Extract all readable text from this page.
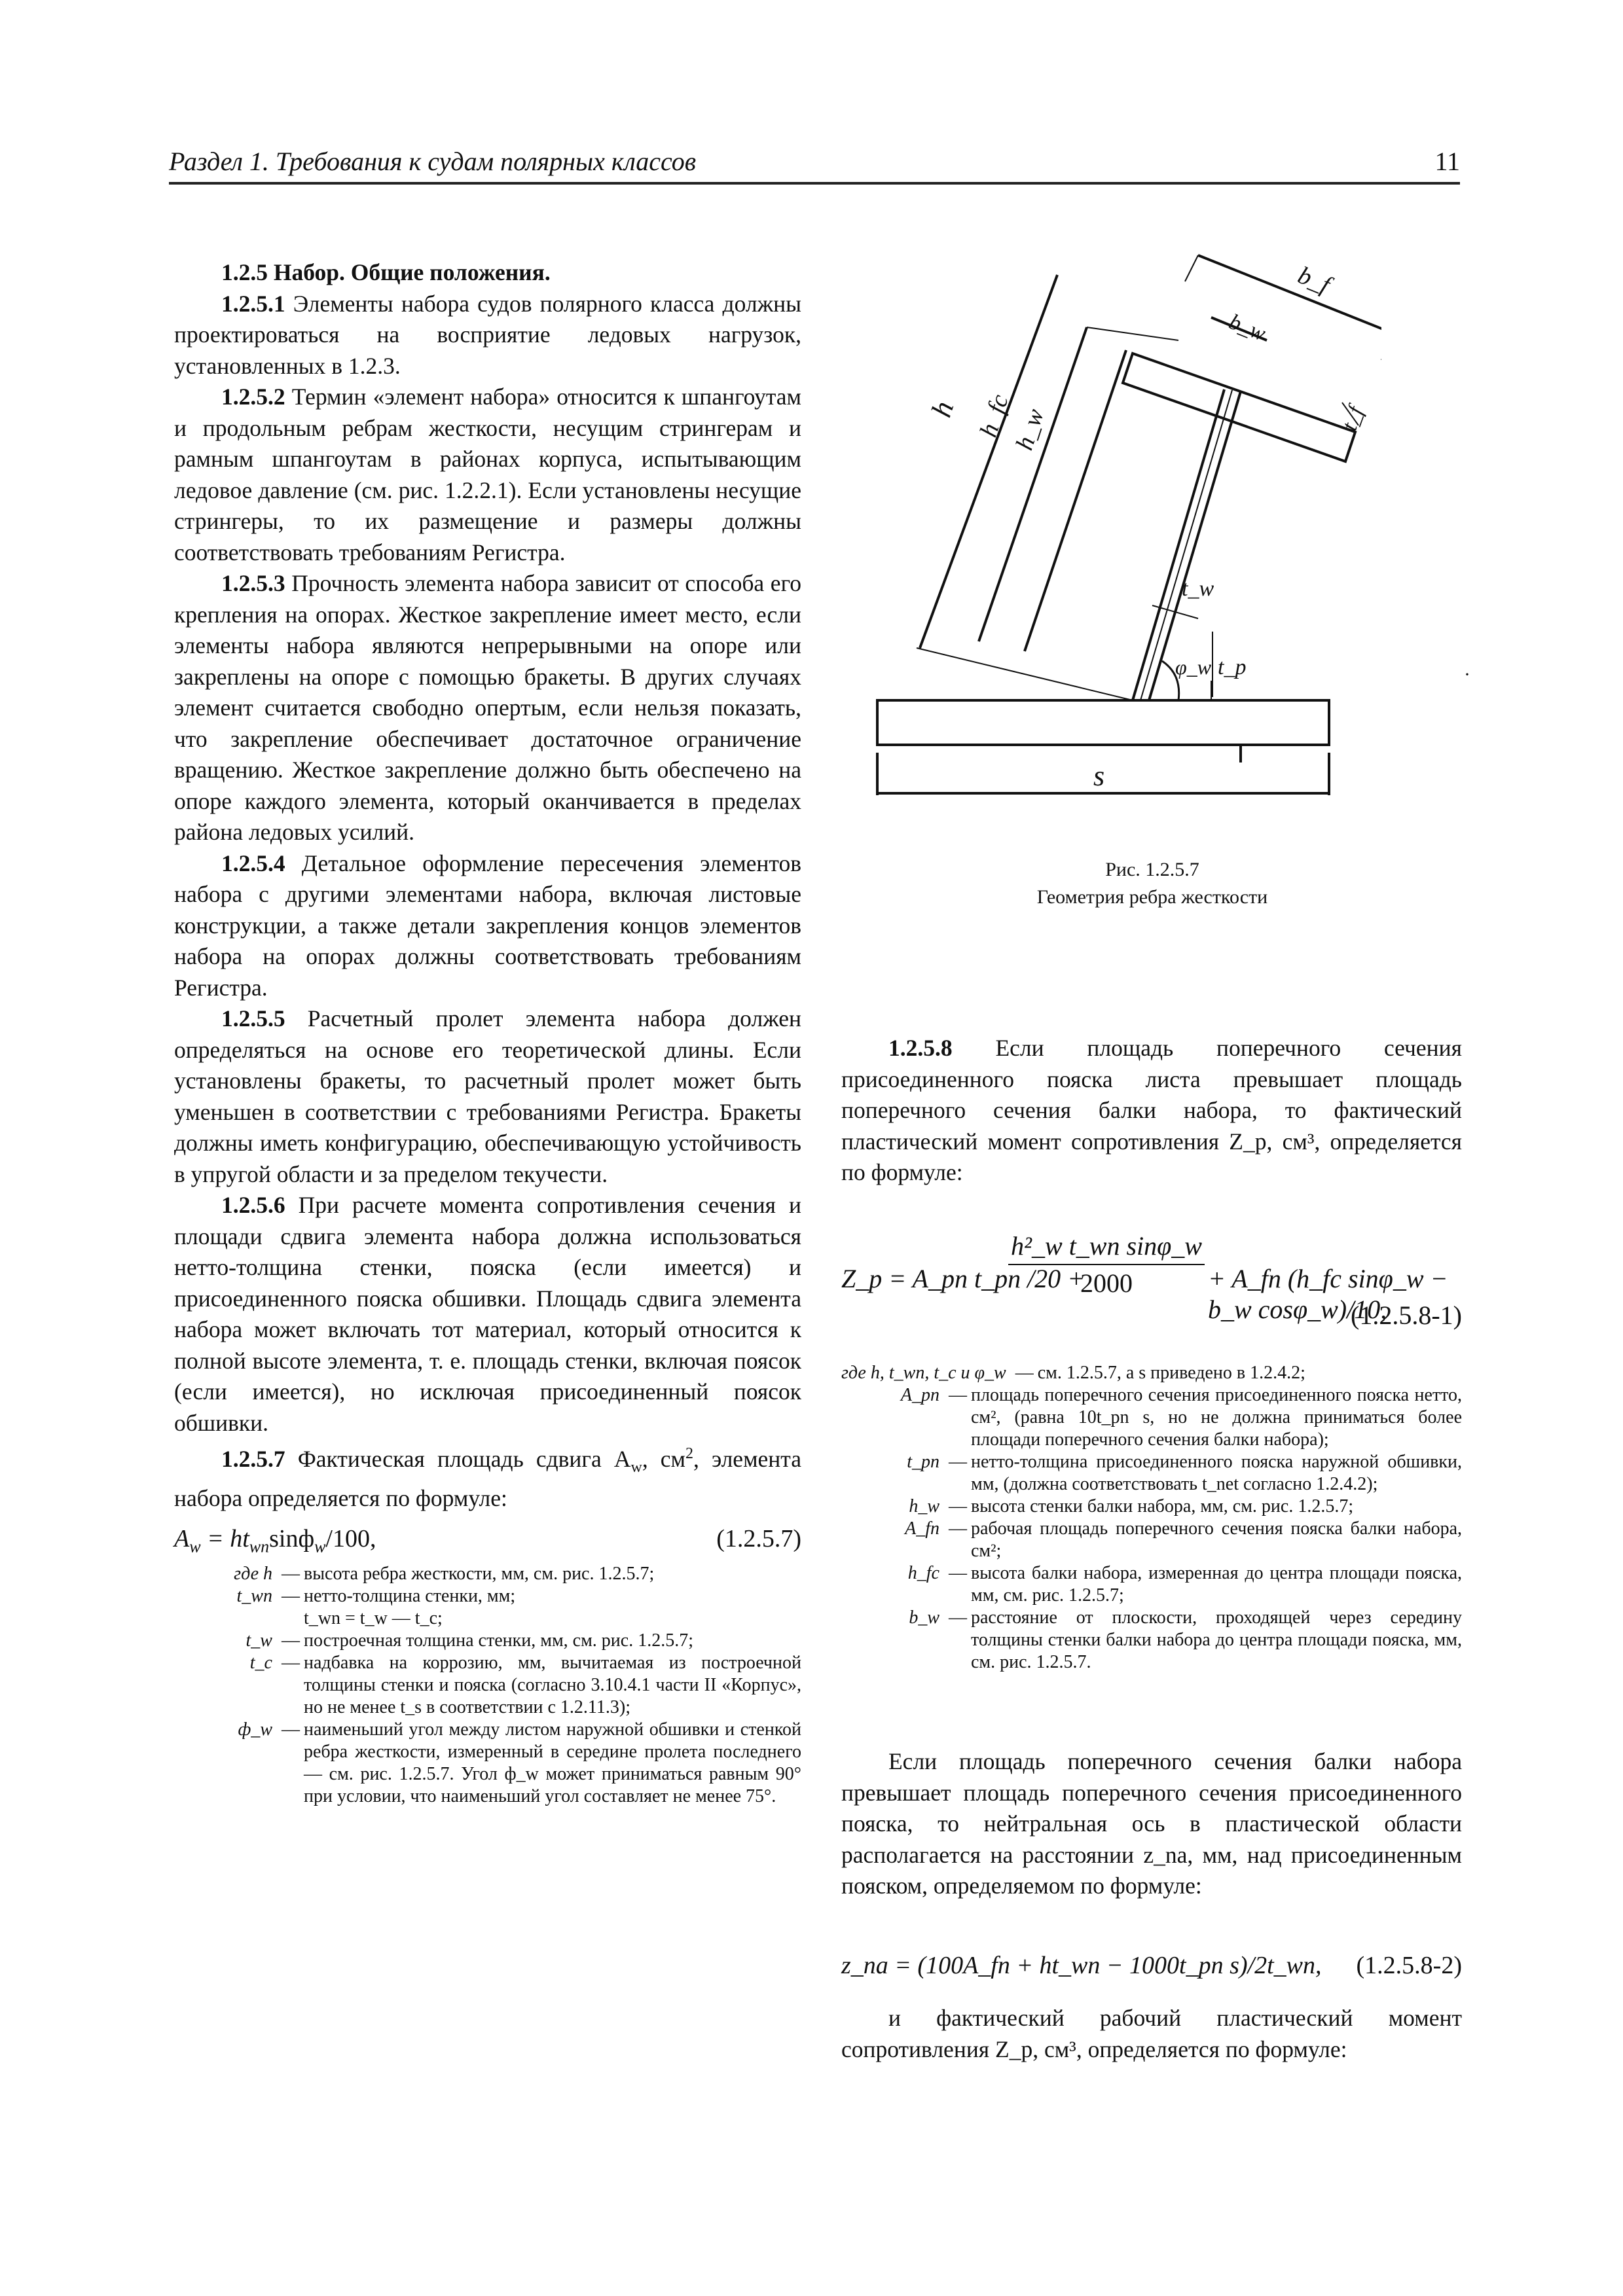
Раздел 1. Требования к судам полярных классов	11

1.2.5 Набор. Общие положения.

1.2.5.1 Элементы набора судов полярного класса должны проектироваться на восприятие ледовых нагрузок, установленных в 1.2.3.

1.2.5.2 Термин «элемент набора» относится к шпангоутам и продольным ребрам жесткости, несущим стрингерам и рамным шпангоутам в районах корпуса, испытывающим ледовое давление (см. рис. 1.2.2.1). Если установлены несущие стрингеры, то их размещение и размеры должны соответствовать требованиям Регистра.

1.2.5.3 Прочность элемента набора зависит от способа его крепления на опорах. Жесткое закрепление имеет место, если элементы набора являются непрерывными на опоре или закреплены на опоре с помощью бракеты. В других случаях элемент считается свободно опертым, если нельзя показать, что закрепление обеспечивает достаточное ограничение вращению. Жесткое закрепление должно быть обеспечено на опоре каждого элемента, который оканчивается в пределах района ледовых усилий.

1.2.5.4 Детальное оформление пересечения элементов набора с другими элементами набора, включая листовые конструкции, а также детали закрепления концов элементов набора на опорах должны соответствовать требованиям Регистра.

1.2.5.5 Расчетный пролет элемента набора должен определяться на основе его теоретической длины. Если установлены бракеты, то расчетный пролет может быть уменьшен в соответствии с требованиями Регистра. Бракеты должны иметь конфигурацию, обеспечивающую устойчивость в упругой области и за пределом текучести.

1.2.5.6 При расчете момента сопротивления сечения и площади сдвига элемента набора должна использоваться нетто-толщина стенки, пояска (если имеется) и присоединенного пояска обшивки. Площадь сдвига элемента набора может включать тот материал, который относится к полной высоте элемента, т. е. площадь стенки, включая поясок (если имеется), но исключая присоединенный поясок обшивки.

1.2.5.7 Фактическая площадь сдвига $A_w$, $см^2$, элемента набора определяется по формуле:

$A_w = ht_{wn}\sin ф_w/100$,	(1.2.5.7)
где h — высота ребра жесткости, мм, см. рис. 1.2.5.7;
t_wn — нетто-толщина стенки, мм;
t_wn = t_w — t_c;
t_w — построечная толщина стенки, мм, см. рис. 1.2.5.7;
t_c — надбавка на коррозию, мм, вычитаемая из построечной толщины стенки и пояска (согласно 3.10.4.1 части II «Корпус», но не менее t_s в соответствии с 1.2.11.3);
ф_w — наименьший угол между листом наружной обшивки и стенкой ребра жесткости, измеренный в середине пролета последнего — см. рис. 1.2.5.7. Угол ф_w может приниматься равным 90° при условии, что наименьший угол составляет не менее 75°.
h h_fc
h_w
b_f
b_w
t_f
t_w
φ_w t_p
s
·
Рис. 1.2.5.7
Геометрия ребра жесткости

1.2.5.8 Если площадь поперечного сечения присоединенного пояска листа превышает площадь поперечного сечения балки набора, то фактический пластический момент сопротивления Z_p, см³, определяется по формуле:

Z_p = A_pn t_pn /20 +
$\frac{\text{h²\_w t\_wn sinφ\_w}}{2000}$ + A_fn (h_fc sinφ_w − b_w cosφ_w)/10,
(1.2.5.8-1)
где h, t_wn, t_c и φ_w — см. 1.2.5.7, а s приведено в 1.2.4.2;
A_pn — площадь поперечного сечения присоединенного пояска нетто, см², (равна 10t_pn s, но не должна приниматься более площади поперечного сечения балки набора);
t_pn — нетто-толщина присоединенного пояска наружной обшивки, мм, (должна соответствовать t_net согласно 1.2.4.2);
h_w — высота стенки балки набора, мм, см. рис. 1.2.5.7;
A_fn — рабочая площадь поперечного сечения пояска балки набора, см²;
h_fc — высота балки набора, измеренная до центра площади пояска, мм, см. рис. 1.2.5.7;
b_w — расстояние от плоскости, проходящей через середину толщины стенки балки набора до центра площади пояска, мм, см. рис. 1.2.5.7.

Если площадь поперечного сечения балки набора превышает площадь поперечного сечения присоединенного пояска, то нейтральная ось в пластической области располагается на расстоянии z_na, мм, над присоединенным пояском, определяемом по формуле:

z_na = (100A_fn + ht_wn − 1000t_pn s)/2t_wn, (1.2.5.8-2)

и фактический рабочий пластический момент сопротивления Z_p, см³, определяется по формуле:
